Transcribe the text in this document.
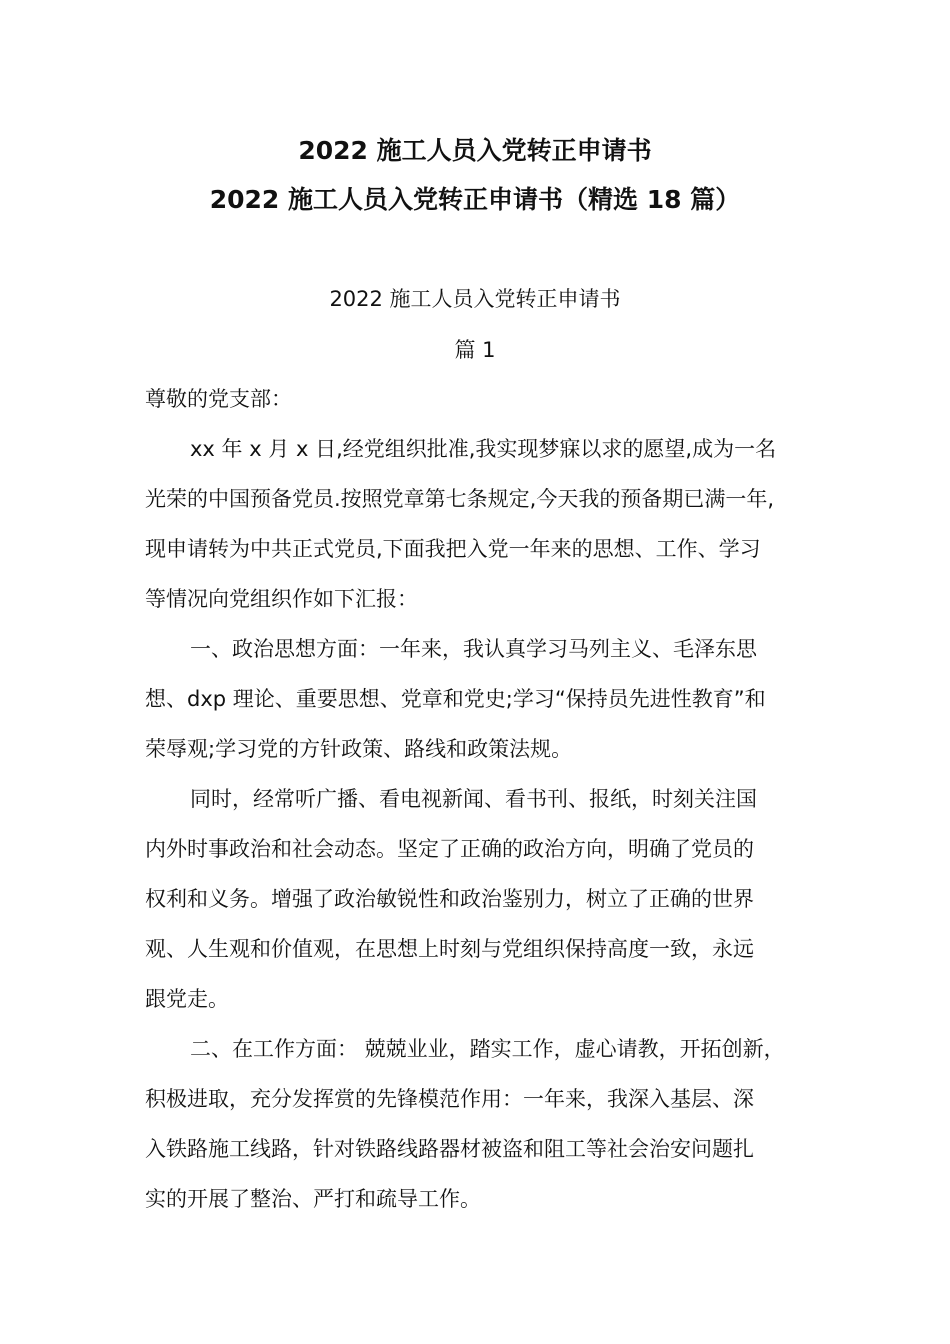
2022 施工人员入党转正申请书
2022 施工人员入党转正申请书（精选 18 篇）
2022 施工人员入党转正申请书
篇 1
尊敬的党支部：
xx 年 x 月 x 日,经党组织批准,我实现梦寐以求的愿望,成为一名
光荣的中国预备党员.按照党章第七条规定,今天我的预备期已满一年,
现申请转为中共正式党员,下面我把入党一年来的思想、工作、学习
等情况向党组织作如下汇报：
一、政治思想方面：一年来，我认真学习马列主义、毛泽东思
想、dxp 理论、重要思想、党章和党史;学习“保持员先进性教育”和
荣辱观;学习党的方针政策、路线和政策法规。
同时，经常听广播、看电视新闻、看书刊、报纸，时刻关注国
内外时事政治和社会动态。坚定了正确的政治方向，明确了党员的
权利和义务。增强了政治敏锐性和政治鉴别力，树立了正确的世界
观、人生观和价值观，在思想上时刻与党组织保持高度一致，永远
跟党走。
二、在工作方面： 兢兢业业，踏实工作，虚心请教，开拓创新，
积极进取，充分发挥赏的先锋模范作用：一年来，我深入基层、深
入铁路施工线路，针对铁路线路器材被盗和阻工等社会治安问题扎
实的开展了整治、严打和疏导工作。
